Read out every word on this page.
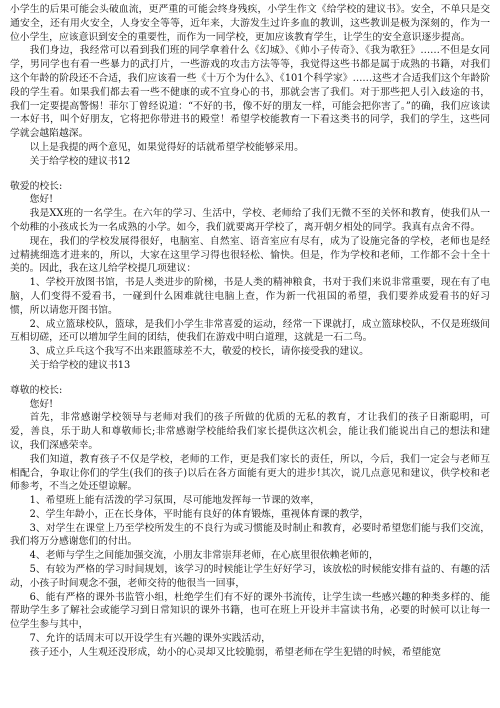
小学生的后果可能会头破血流，更严重的可能会终身残疾，小学生作文《给学校的建议书》。安全，不单只是交通安全，还有用火安全，人身安全等等，近年来，大游发生过许多血的教训，这些教训是极为深刻的，作为一位小学生，应该意识到安全的重要性，而作为一同学校，更加应该教育学生，让学生的安全意识逐步提高。

我们身边，我经常可以看到我们班的同学拿着什么《幻城》、《帅小子传奇》、《我为歌狂》……不但是女同学，男同学也有看一些暴力的武打片，一些游戏的攻击方法等等，我觉得这些书都是属于成熟的书籍，对我们这个年龄的阶段还不合适，我们应该看一些《十万个为什么》、《101个科学家》……这些才合适我们这个年龄阶段的学生看。如果我们都去看一些不健康的或不宜身心的书，那就会害了我们。对于那些把人引入歧途的书，我们一定要提高警惕！菲尔丁曾经说道：“不好的书，像不好的朋友一样，可能会把你害了。”的确，我们应该读一本好书，叫个好朋友，它将把你带进书的殿堂！希望学校能教育一下看这类书的同学，我们的学生，这些同学就会越陷越深。

以上是我提的两个意见，如果觉得好的话就希望学校能够采用。

关于给学校的建议书12

敬爱的校长:

您好!

我是XX班的一名学生。在六年的学习、生活中，学校、老师给了我们无微不至的关怀和教育，使我们从一个幼稚的小孩成长为一名成熟的小学。如今，我们就要离开学校了，离开朝夕相处的同学。我真有点舍不得。

现在，我们的学校发展得很好，电脑室、自然室、语音室应有尽有，成为了设施完备的学校，老师也是经过精挑细选才进来的，所以，大家在这里学习得也很轻松、愉快。但是，作为学校和老师，工作都不会十全十美的。因此，我在这儿给学校提几项建议：

1、学校开放图书馆，书是人类进步的阶梯，书是人类的精神粮食，书对于我们来说非常重要，现在有了电脑，人们变得不爱看书，一碰到什么困难就往电脑上查，作为新一代祖国的希望，我们要养成爱看书的好习惯，所以请您开图书馆。

2、成立篮球校队，篮球，是我们小学生非常喜爱的运动，经常一下课就打，成立篮球校队，不仅是班级间互相切磋，还可以增加学生间的团结，使我们在游戏中明白道理，这就是一石二鸟。

3、成立乒乓这个我写不出来跟篮球差不大，敬爱的校长，请你接受我的建议。

关于给学校的建议书13

尊敬的校长:

您好!

首先，非常感谢学校领导与老师对我们的孩子所做的优质的无私的教育，才让我们的孩子日渐聪明，可爱，善良，乐于助人和尊敬师长;非常感谢学校能给我们家长提供这次机会，能让我们能说出自己的想法和建议，我们深感荣幸。

我们知道，教育孩子不仅是学校，老师的工作，更是我们家长的责任，所以，今后，我们一定会与老师互相配合，争取让你们的学生(我们的孩子)以后在各方面能有更大的进步!其次，说几点意见和建议，供学校和老师参考，不当之处还望谅解。

1、希望班上能有活泼的学习氛围，尽可能地发挥每一节课的效率，

2、学生年龄小，正在长身体，平时能有良好的体育锻炼，重视体育课的教学，

3、对学生在课堂上乃至学校所发生的不良行为或习惯能及时制止和教育，必要时希望您们能与我们交流，我们将万分感谢您们的付出。

4、老师与学生之间能加强交流，小朋友非常崇拜老师，在心底里很依赖老师的，

5、有较为严格的学习时间规划，该学习的时候能让学生好好学习，该放松的时候能安排有益的、有趣的活动，小孩子时间观念不强，老师交待的他很当一回事，

6、能有严格的课外书监管小组，杜绝学生们有不好的课外书流传，让学生读一些感兴趣的种类多样的、能帮助学生多了解社会或能学习到日常知识的课外书籍，也可在班上开设并丰富读书角，必要的时候可以让每一位学生参与其中，

7、允许的话周末可以开设学生有兴趣的课外实践活动，

孩子还小，人生观还没形成，幼小的心灵却又比较脆弱，希望老师在学生犯错的时候，希望能宽
